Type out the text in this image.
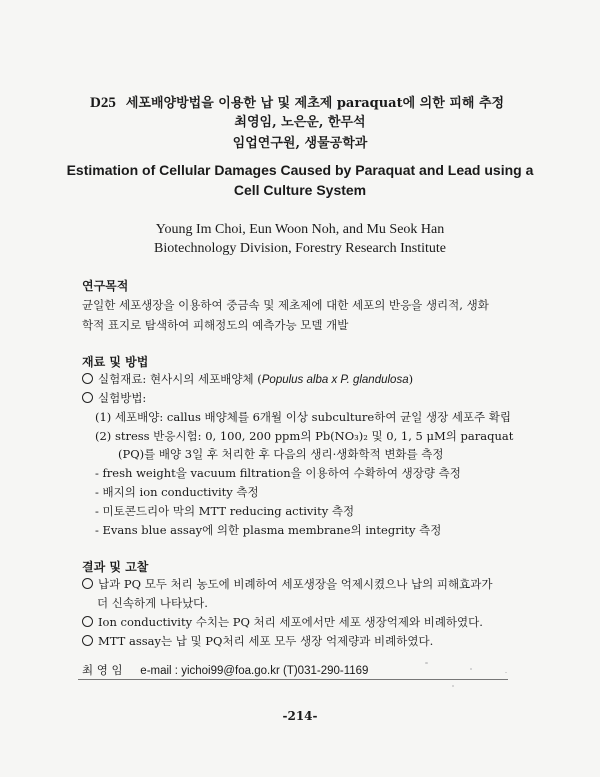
D25 세포배양방법을 이용한 납 및 제초제 paraquat에 의한 피해 추정
최영임, 노은운, 한무석
임업연구원, 생물공학과
Estimation of Cellular Damages Caused by Paraquat and Lead using a
Cell Culture System
Young Im Choi, Eun Woon Noh, and Mu Seok Han
Biotechnology Division, Forestry Research Institute
연구목적
균일한 세포생장을 이용하여 중금속 및 제초제에 대한 세포의 반응을 생리적, 생화
학적 표지로 탐색하여 피해정도의 예측가능 모델 개발
재료 및 방법
실험재료: 현사시의 세포배양체 (Populus alba x P. glandulosa)
실험방법:
(1) 세포배양: callus 배양체를 6개월 이상 subculture하여 균일 생장 세포주 확립
(2) stress 반응시험: 0, 100, 200 ppm의 Pb(NO₃)₂ 및 0, 1, 5 μM의 paraquat
(PQ)를 배양 3일 후 처리한 후 다음의 생리·생화학적 변화를 측정
- fresh weight을 vacuum filtration을 이용하여 수확하여 생장량 측정
- 배지의 ion conductivity 측정
- 미토콘드리아 막의 MTT reducing activity 측정
- Evans blue assay에 의한 plasma membrane의 integrity 측정
결과 및 고찰
납과 PQ 모두 처리 농도에 비례하여 세포생장을 억제시켰으나 납의 피해효과가
더 신속하게 나타났다.
Ion conductivity 수치는 PQ 처리 세포에서만 세포 생장억제와 비례하였다.
MTT assay는 납 및 PQ처리 세포 모두 생장 억제량과 비례하였다.
최 영 임 e-mail : yichoi99@foa.go.kr (T)031-290-1169
-214-
